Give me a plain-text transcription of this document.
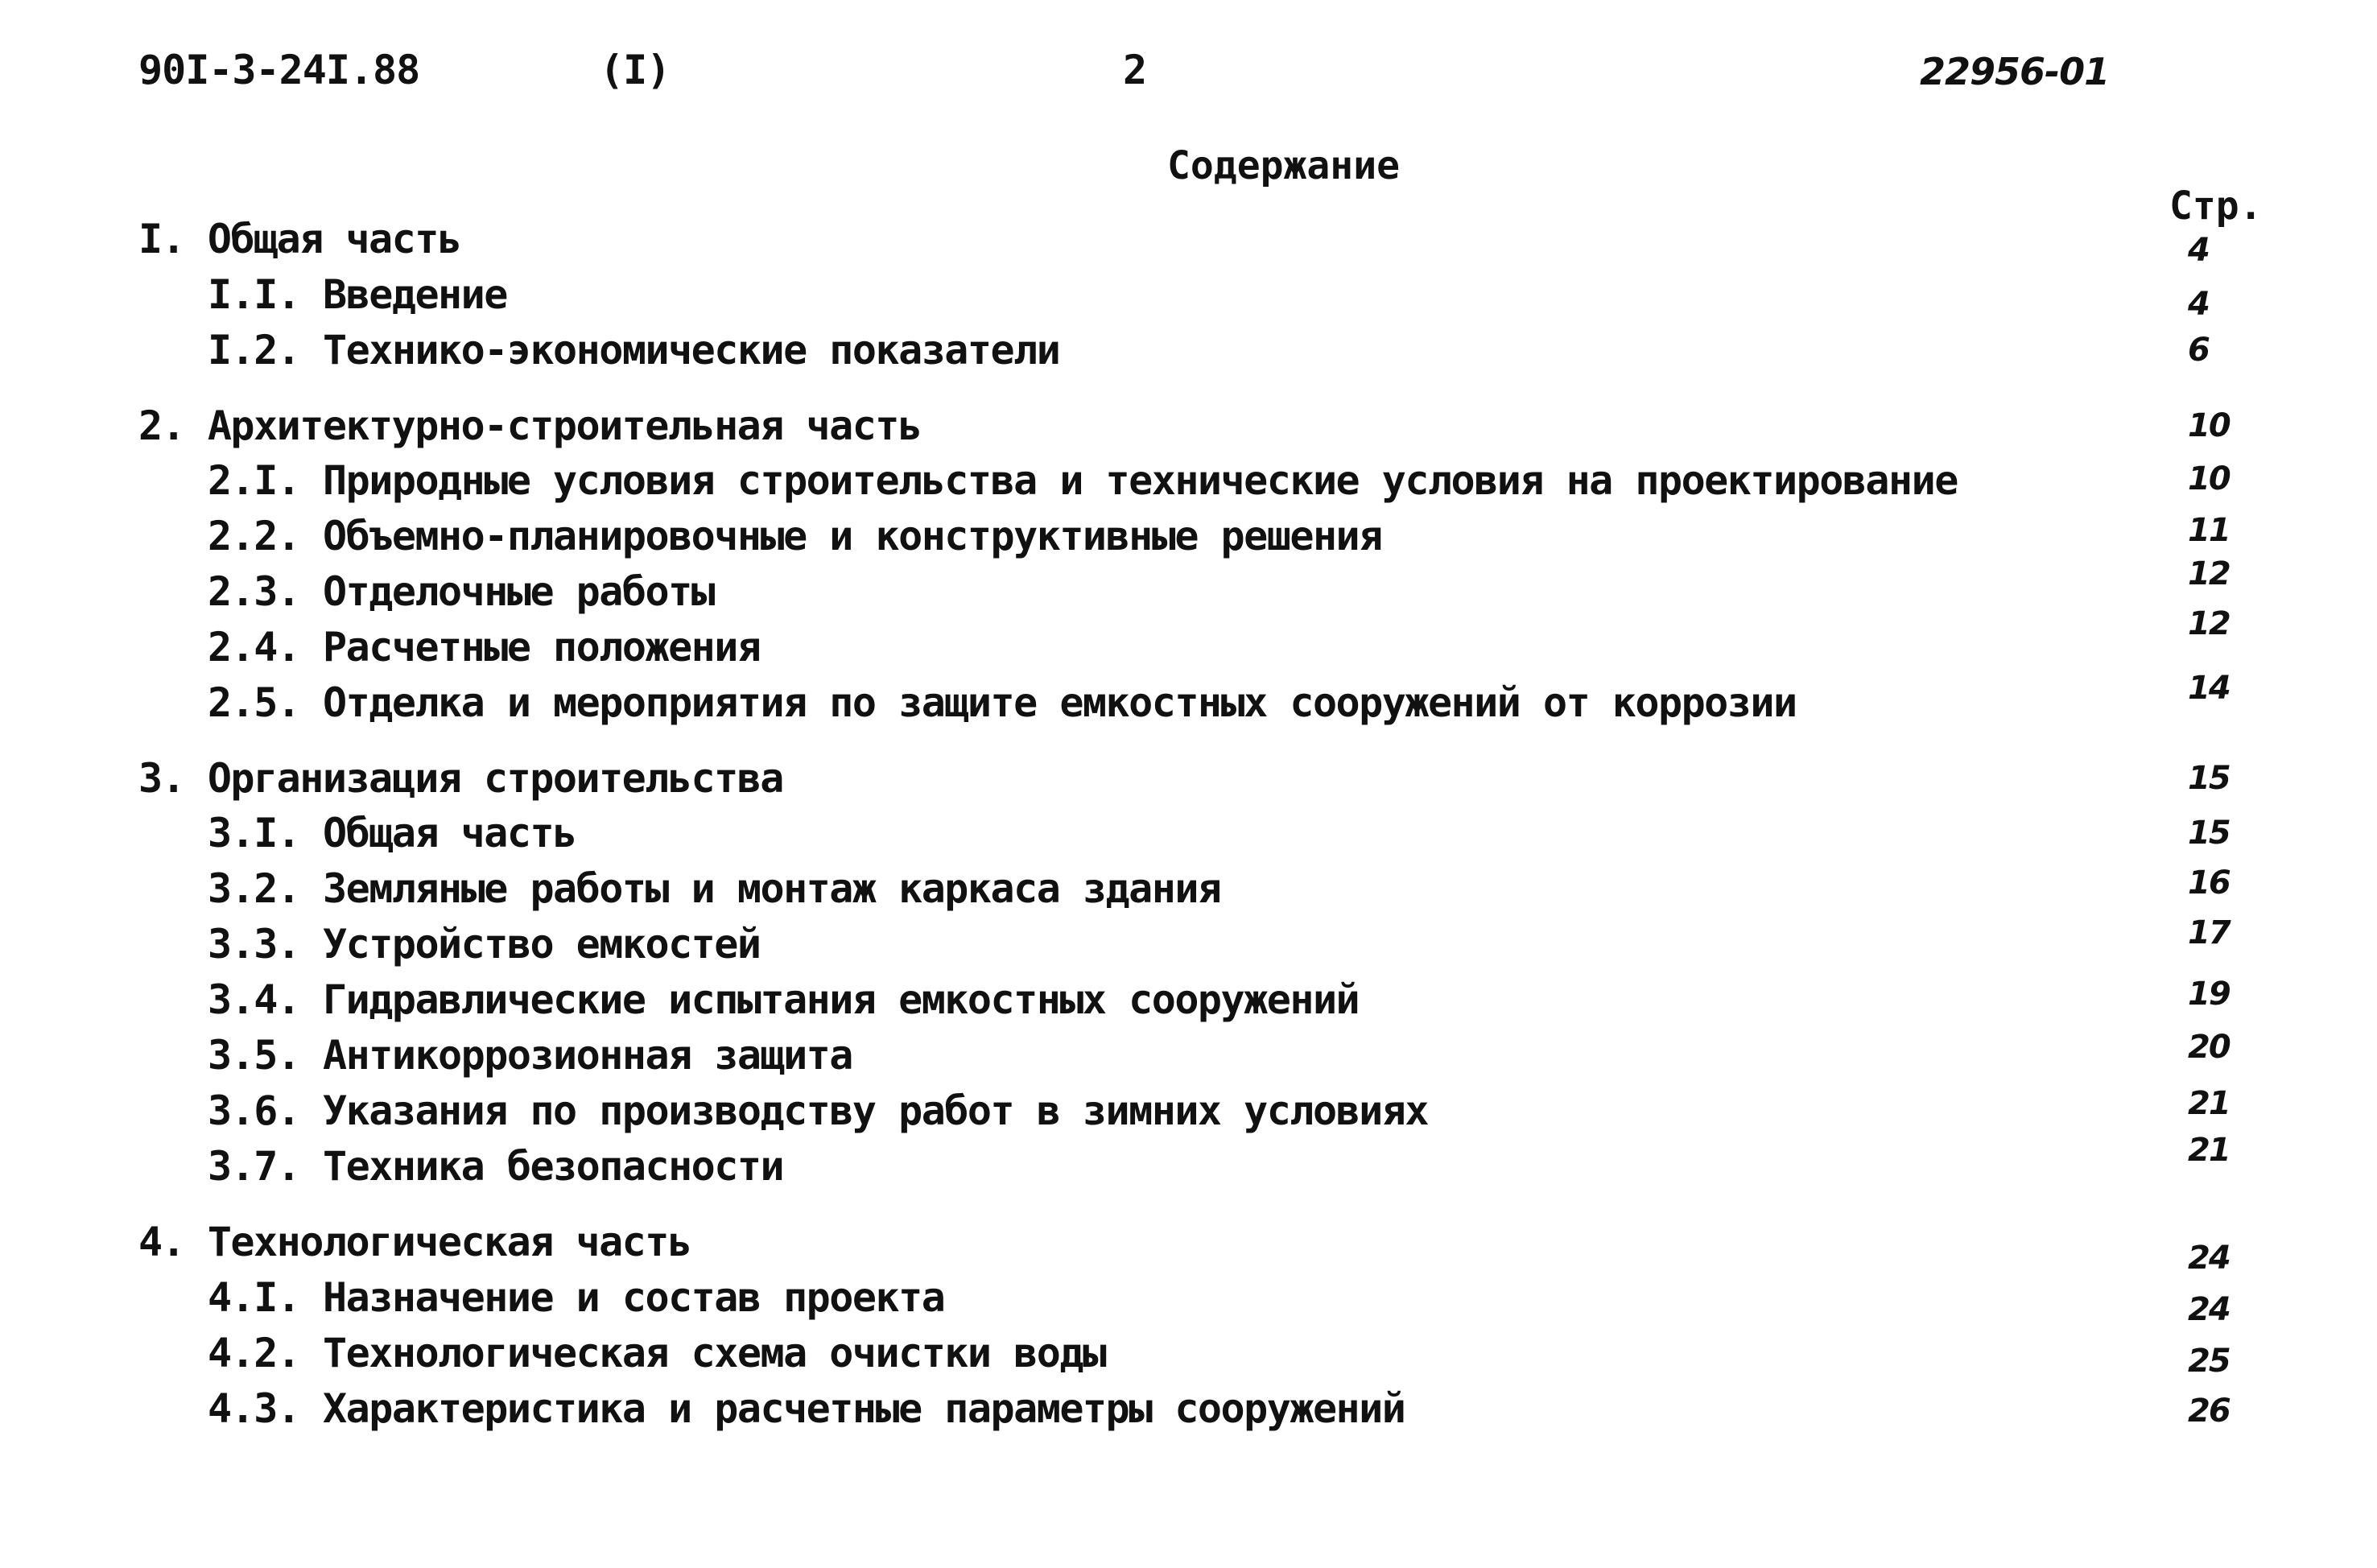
90I-3-24I.88	(I)	2	22956-01
Содержание
Стр.
I. Общая часть	4
I.I. Введение	4
I.2. Технико-экономические показатели	6
2. Архитектурно-строительная часть	10
2.I. Природные условия строительства и технические условия на проектирование	10
2.2. Объемно-планировочные и конструктивные решения	11
2.3. Отделочные работы	12
2.4. Расчетные положения	12
2.5. Отделка и мероприятия по защите емкостных сооружений от коррозии	14
3. Организация строительства	15
3.I. Общая часть	15
3.2. Земляные работы и монтаж каркаса здания	16
3.3. Устройство емкостей	17
3.4. Гидравлические испытания емкостных сооружений	19
3.5. Антикоррозионная защита	20
3.6. Указания по производству работ в зимних условиях	21
3.7. Техника безопасности	21
4. Технологическая часть	24
4.I. Назначение и состав проекта	24
4.2. Технологическая схема очистки воды	25
4.3. Характеристика и расчетные параметры сооружений	26
